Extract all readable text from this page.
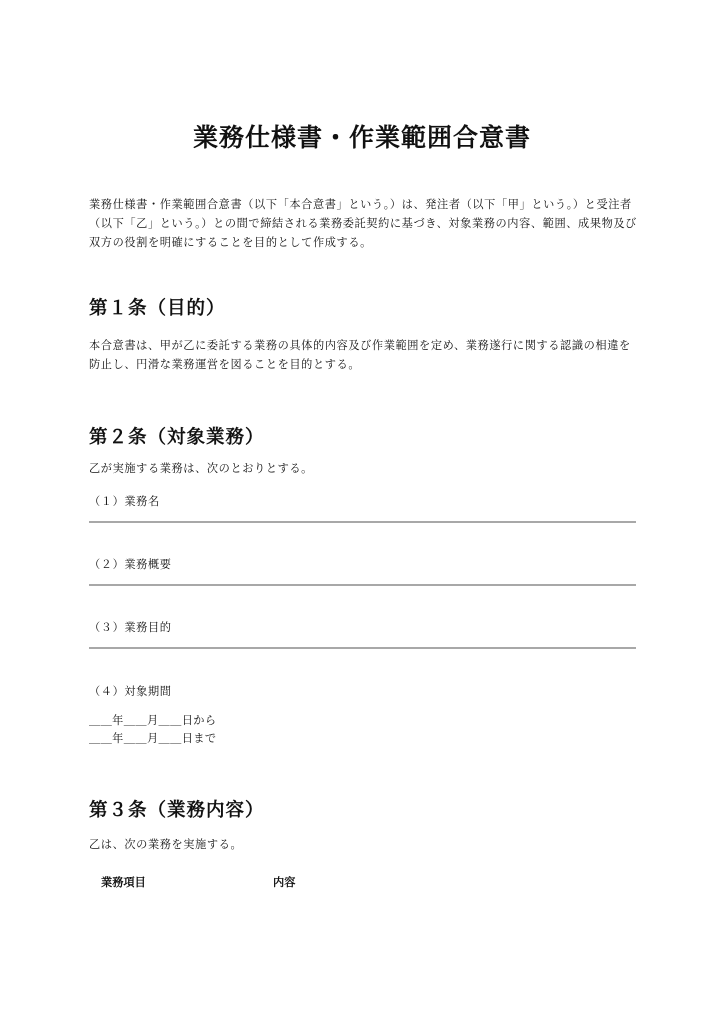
業務仕様書・作業範囲合意書

業務仕様書・作業範囲合意書（以下「本合意書」という。）は、発注者（以下「甲」という。）と受注者（以下「乙」という。）との間で締結される業務委託契約に基づき、対象業務の内容、範囲、成果物及び双方の役割を明確にすることを目的として作成する。

第１条（目的）

本合意書は、甲が乙に委託する業務の具体的内容及び作業範囲を定め、業務遂行に関する認識の相違を防止し、円滑な業務運営を図ることを目的とする。

第２条（対象業務）

乙が実施する業務は、次のとおりとする。

（１）業務名

（２）業務概要

（３）業務目的

（４）対象期間

＿＿年＿＿月＿＿日から

＿＿年＿＿月＿＿日まで

第３条（業務内容）

乙は、次の業務を実施する。

業務項目	内容
